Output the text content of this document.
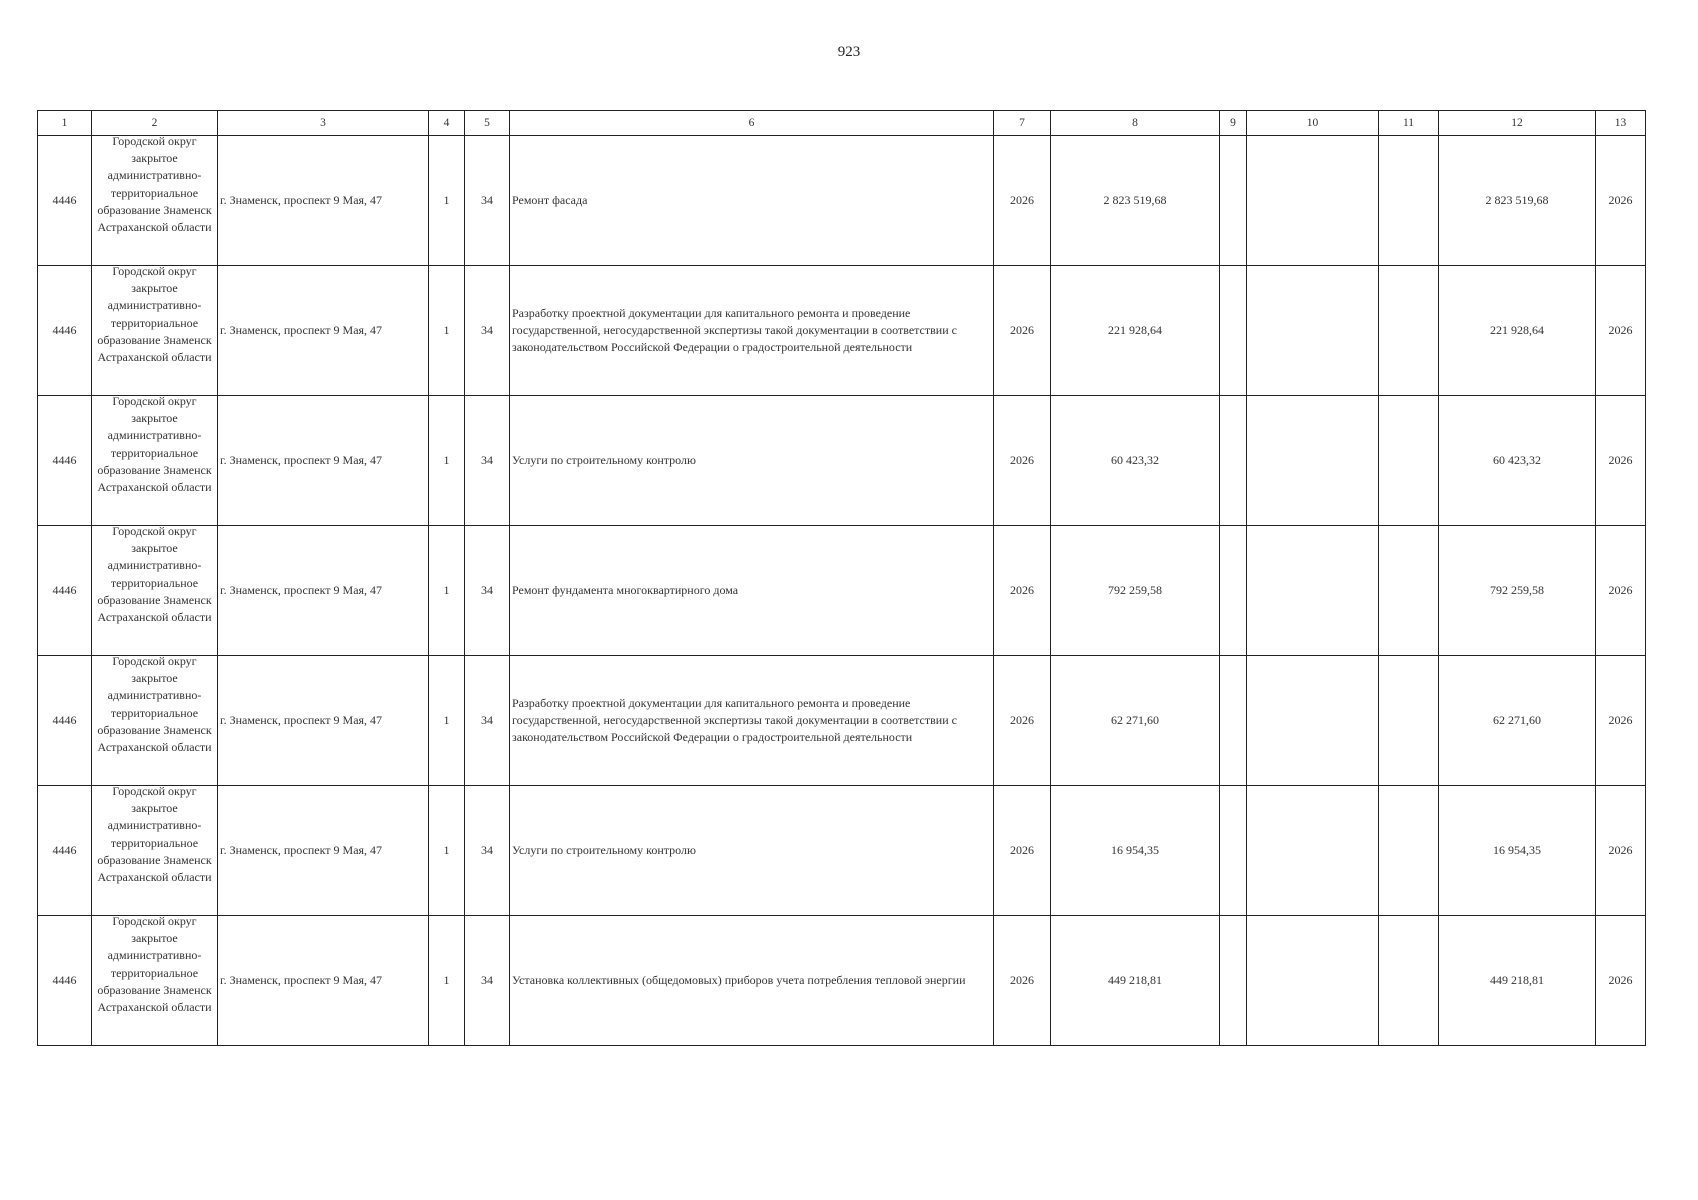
923
1	2	3	4	5	6	7	8	9	10	11	12	13
4446	Городской округ закрытое административно-территориальное образование Знаменск Астраханской области	г. Знаменск, проспект 9 Мая, 47	1	34	Ремонт фасада	2026	2 823 519,68				2 823 519,68	2026
4446	Городской округ закрытое административно-территориальное образование Знаменск Астраханской области	г. Знаменск, проспект 9 Мая, 47	1	34	Разработку проектной документации для капитального ремонта и проведение государственной, негосударственной экспертизы такой документации в соответствии с законодательством Российской Федерации о градостроительной деятельности	2026	221 928,64				221 928,64	2026
4446	Городской округ закрытое административно-территориальное образование Знаменск Астраханской области	г. Знаменск, проспект 9 Мая, 47	1	34	Услуги по строительному контролю	2026	60 423,32				60 423,32	2026
4446	Городской округ закрытое административно-территориальное образование Знаменск Астраханской области	г. Знаменск, проспект 9 Мая, 47	1	34	Ремонт фундамента многоквартирного дома	2026	792 259,58				792 259,58	2026
4446	Городской округ закрытое административно-территориальное образование Знаменск Астраханской области	г. Знаменск, проспект 9 Мая, 47	1	34	Разработку проектной документации для капитального ремонта и проведение государственной, негосударственной экспертизы такой документации в соответствии с законодательством Российской Федерации о градостроительной деятельности	2026	62 271,60				62 271,60	2026
4446	Городской округ закрытое административно-территориальное образование Знаменск Астраханской области	г. Знаменск, проспект 9 Мая, 47	1	34	Услуги по строительному контролю	2026	16 954,35				16 954,35	2026
4446	Городской округ закрытое административно-территориальное образование Знаменск Астраханской области	г. Знаменск, проспект 9 Мая, 47	1	34	Установка коллективных (общедомовых) приборов учета потребления тепловой энергии	2026	449 218,81				449 218,81	2026
